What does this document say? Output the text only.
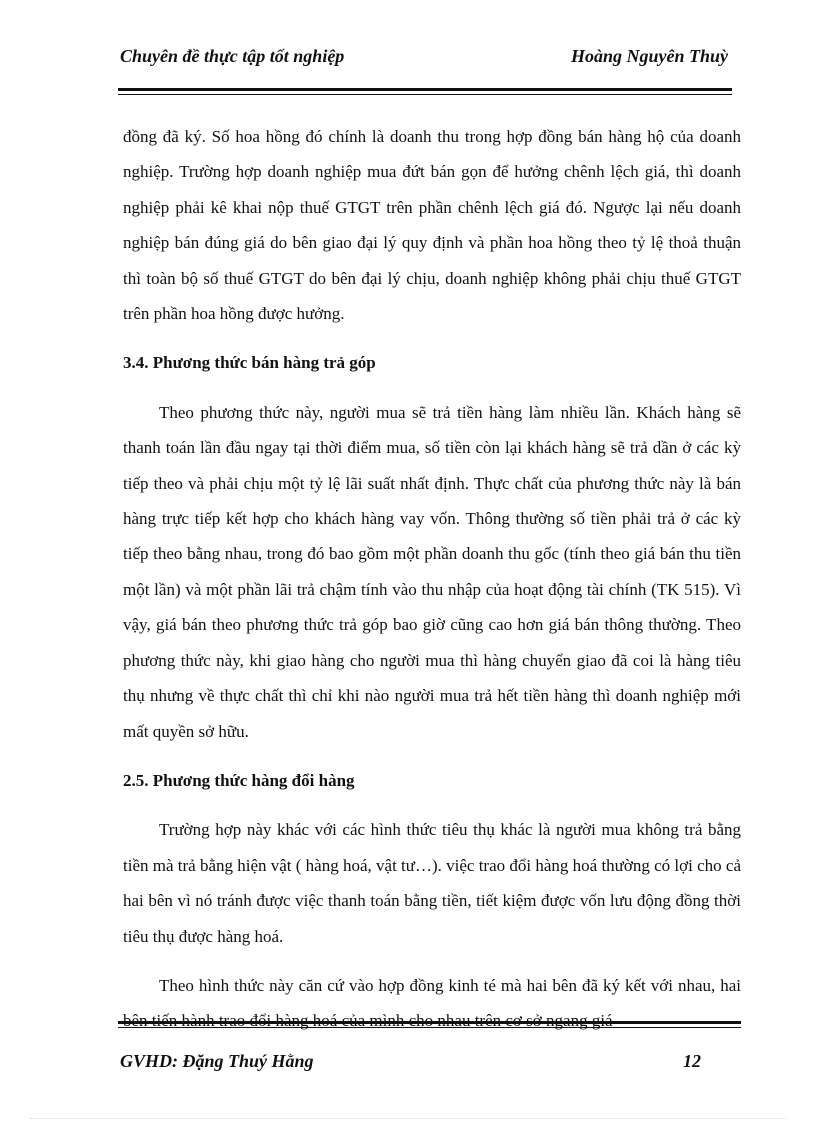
Chuyên đề thực tập tốt nghiệp	Hoàng Nguyên Thuỳ

đồng đã ký. Số hoa hồng đó chính là doanh thu trong hợp đồng bán hàng hộ của doanh nghiệp. Trường hợp doanh nghiệp mua đứt bán gọn để hưởng chênh lệch giá, thì doanh nghiệp phải kê khai nộp thuế GTGT trên phần chênh lệch giá đó. Ngược lại nếu doanh nghiệp bán đúng giá do bên giao đại lý quy định và phần hoa hồng theo tỷ lệ thoả thuận thì toàn bộ số thuế GTGT do bên đại lý chịu, doanh nghiệp không phải chịu thuế GTGT trên phần hoa hồng được hưởng.

3.4. Phương thức bán hàng trả góp

Theo phương thức này, người mua sẽ trả tiền hàng làm nhiều lần. Khách hàng sẽ thanh toán lần đầu ngay tại thời điểm mua, số tiền còn lại khách hàng sẽ trả dần ở các kỳ tiếp theo và phải chịu một tỷ lệ lãi suất nhất định. Thực chất của phương thức này là bán hàng trực tiếp kết hợp cho khách hàng vay vốn. Thông thường số tiền phải trả ở các kỳ tiếp theo bằng nhau, trong đó bao gồm một phần doanh thu gốc (tính theo giá bán thu tiền một lần) và một phần lãi trả chậm tính vào thu nhập của hoạt động tài chính (TK 515). Vì vậy, giá bán theo phương thức trả góp bao giờ cũng cao hơn giá bán thông thường. Theo phương thức này, khi giao hàng cho người mua thì hàng chuyển giao đã coi là hàng tiêu thụ nhưng về thực chất thì chỉ khi nào người mua trả hết tiền hàng thì doanh nghiệp mới mất quyền sở hữu.

2.5. Phương thức hàng đổi hàng

Trường hợp này khác với các hình thức tiêu thụ khác là người mua không trả bằng tiền mà trả bằng hiện vật ( hàng hoá, vật tư…). việc trao đổi hàng hoá thường có lợi cho cả hai bên vì nó tránh được việc thanh toán bằng tiền, tiết kiệm được vốn lưu động đồng thời tiêu thụ được hàng hoá.

Theo hình thức này căn cứ vào hợp đồng kinh té mà hai bên đã ký kết với nhau, hai bên tiến hành trao đổi hàng hoá của mình cho nhau trên cơ sở ngang giá

GVHD: Đặng Thuý Hằng	12
